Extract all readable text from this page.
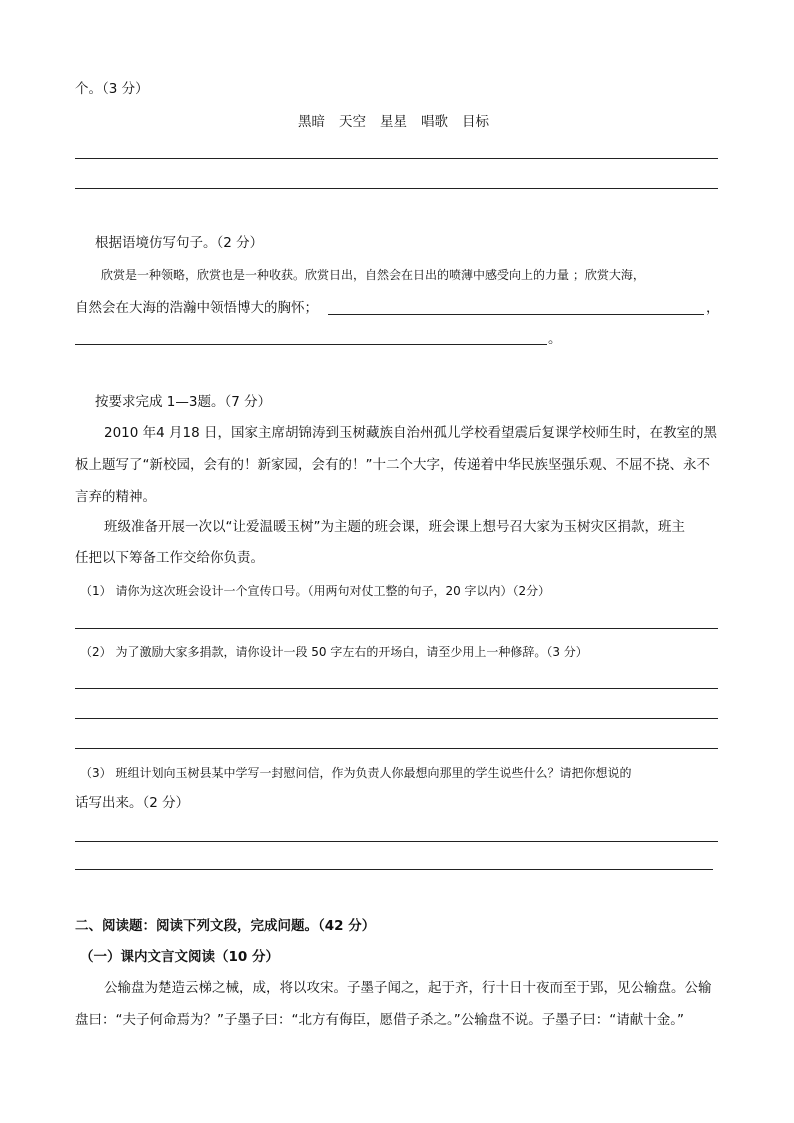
个。（3 分）
黑暗 天空 星星 唱歌 目标
根据语境仿写句子。（2 分）
欣赏是一种领略，欣赏也是一种收获。欣赏日出，自然会在日出的喷薄中感受向上的力量 ；欣赏大海，
自然会在大海的浩瀚中领悟博大的胸怀；	，
。
按要求完成 1—3题。（7 分）
2010 年4 月18 日，国家主席胡锦涛到玉树藏族自治州孤儿学校看望震后复课学校师生时，在教室的黑
板上题写了“新校园，会有的！新家园，会有的！”十二个大字，传递着中华民族坚强乐观、不屈不挠、永不
言弃的精神。
班级准备开展一次以“让爱温暖玉树”为主题的班会课，班会课上想号召大家为玉树灾区捐款，班主
任把以下筹备工作交给你负责。
（1） 请你为这次班会设计一个宣传口号。（用两句对仗工整的句子，20 字以内）（2分）
（2） 为了激励大家多捐款，请你设计一段 50 字左右的开场白，请至少用上一种修辞。（3 分）
（3） 班组计划向玉树县某中学写一封慰问信，作为负责人你最想向那里的学生说些什么？请把你想说的
话写出来。（2 分）
二、阅读题：阅读下列文段，完成问题。（42 分）
（一）课内文言文阅读（10 分）
公输盘为楚造云梯之械，成，将以攻宋。子墨子闻之，起于齐，行十日十夜而至于郢，见公输盘。公输
盘曰：“夫子何命焉为？”子墨子曰：“北方有侮臣，愿借子杀之。”公输盘不说。子墨子曰：“请献十金。”
